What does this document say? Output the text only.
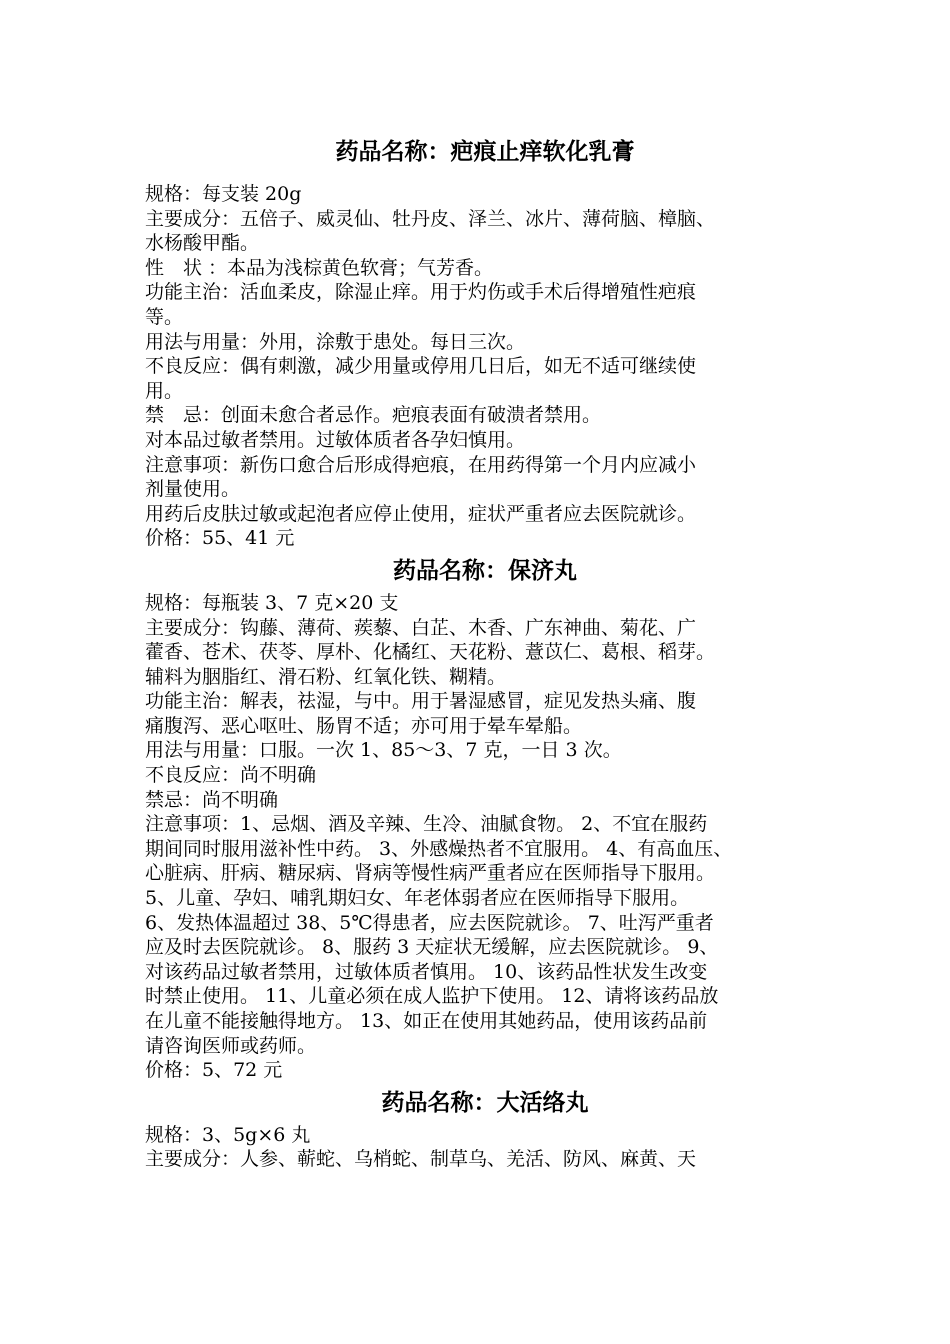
药品名称：疤痕止痒软化乳膏
规格：每支装 20g
主要成分：五倍子、威灵仙、牡丹皮、泽兰、冰片、薄荷脑、樟脑、
水杨酸甲酯。
性　状 ：本品为浅棕黄色软膏；气芳香。
功能主治：活血柔皮，除湿止痒。用于灼伤或手术后得增殖性疤痕
等。
用法与用量：外用，涂敷于患处。每日三次。
不良反应：偶有刺激，减少用量或停用几日后，如无不适可继续使
用。
禁　忌：创面未愈合者忌作。疤痕表面有破溃者禁用。
对本品过敏者禁用。过敏体质者各孕妇慎用。
注意事项：新伤口愈合后形成得疤痕，在用药得第一个月内应减小
剂量使用。
用药后皮肤过敏或起泡者应停止使用，症状严重者应去医院就诊。
价格：55、41 元
药品名称：保济丸
规格：每瓶装 3、7 克×20 支
主要成分：钩藤、薄荷、蒺藜、白芷、木香、广东神曲、菊花、广
藿香、苍术、茯苓、厚朴、化橘红、天花粉、薏苡仁、葛根、稻芽。
辅料为胭脂红、滑石粉、红氧化铁、糊精。
功能主治：解表，祛湿，与中。用于暑湿感冒，症见发热头痛、腹
痛腹泻、恶心呕吐、肠胃不适；亦可用于晕车晕船。
用法与用量：口服。一次 1、85～3、7 克，一日 3 次。
不良反应：尚不明确
禁忌：尚不明确
注意事项：1、忌烟、酒及辛辣、生冷、油腻食物。 2、不宜在服药
期间同时服用滋补性中药。 3、外感燥热者不宜服用。 4、有高血压、
心脏病、肝病、糖尿病、肾病等慢性病严重者应在医师指导下服用。
5、儿童、孕妇、哺乳期妇女、年老体弱者应在医师指导下服用。
6、发热体温超过 38、5℃得患者，应去医院就诊。 7、吐泻严重者
应及时去医院就诊。 8、服药 3 天症状无缓解，应去医院就诊。 9、
对该药品过敏者禁用，过敏体质者慎用。 10、该药品性状发生改变
时禁止使用。 11、儿童必须在成人监护下使用。 12、请将该药品放
在儿童不能接触得地方。 13、如正在使用其她药品，使用该药品前
请咨询医师或药师。
价格：5、72 元
药品名称：大活络丸
规格：3、5g×6 丸
主要成分：人参、蕲蛇、乌梢蛇、制草乌、羌活、防风、麻黄、天
